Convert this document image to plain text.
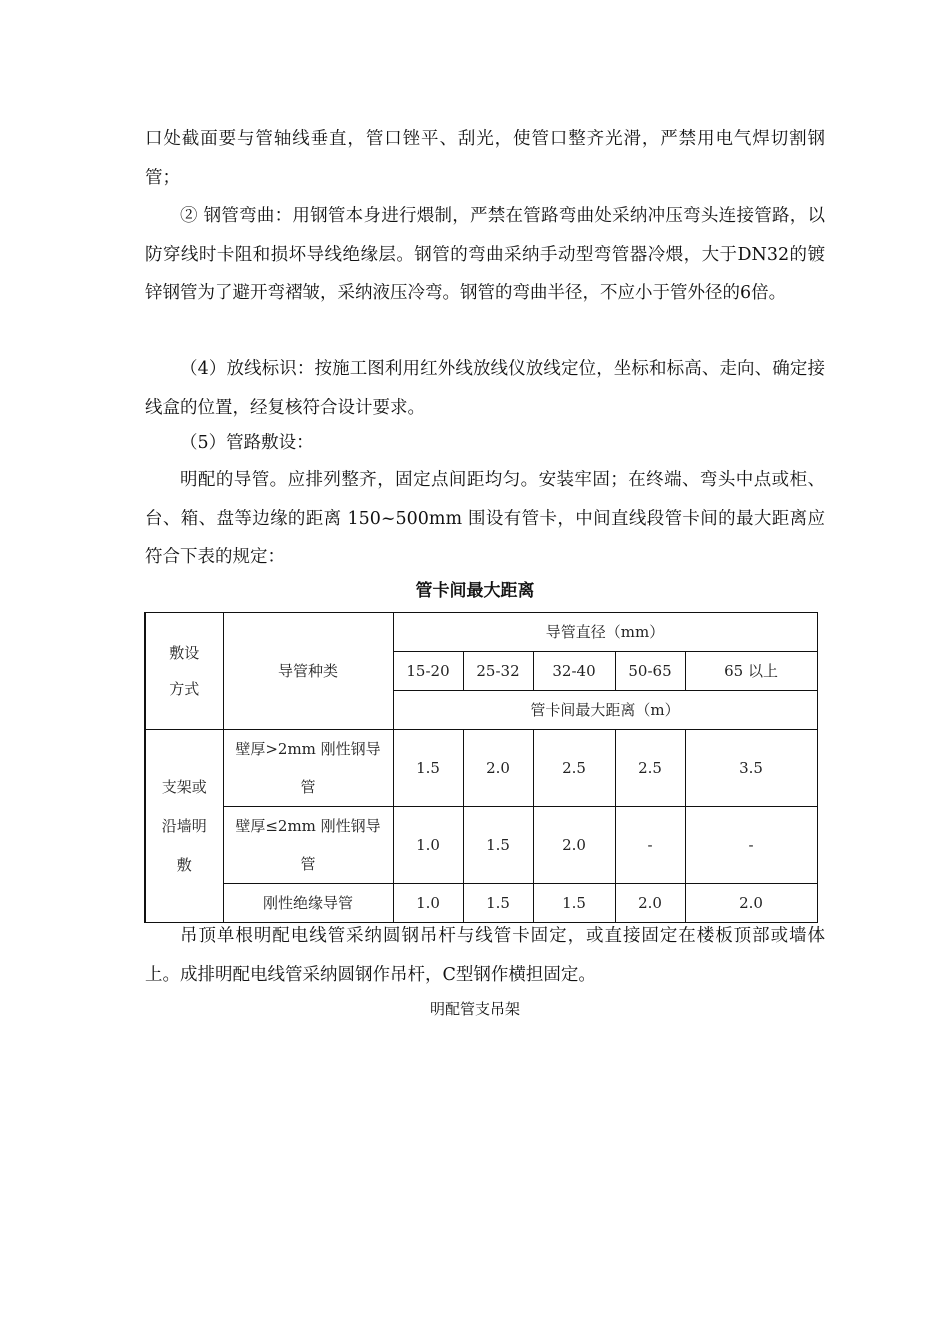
口处截面要与管轴线垂直，管口锉平、刮光，使管口整齐光滑，严禁用电气焊切割钢管；

② 钢管弯曲：用钢管本身进行煨制，严禁在管路弯曲处采纳冲压弯头连接管路，以防穿线时卡阻和损坏导线绝缘层。钢管的弯曲采纳手动型弯管器冷煨，大于DN32的镀锌钢管为了避开弯褶皱，采纳液压冷弯。钢管的弯曲半径，不应小于管外径的6倍。

（4）放线标识：按施工图利用红外线放线仪放线定位，坐标和标高、走向、确定接线盒的位置，经复核符合设计要求。

（5）管路敷设：

明配的导管。应排列整齐，固定点间距均匀。安装牢固；在终端、弯头中点或柜、台、箱、盘等边缘的距离 150~500mm 围设有管卡，中间直线段管卡间的最大距离应符合下表的规定：

管卡间最大距离
敷设方式	导管种类	导管直径（mm）				
		15-20	25-32	32-40	50-65	65 以上
		管卡间最大距离（m）				

支架或沿墙明敷	壁厚>2mm 刚性钢导管	1.5	2.0	2.5	2.5	3.5

	壁厚≤2mm 刚性钢导管	1.0	1.5	2.0	-	-
	刚性绝缘导管	1.0	1.5	1.5	2.0	2.0

吊顶单根明配电线管采纳圆钢吊杆与线管卡固定，或直接固定在楼板顶部或墙体上。成排明配电线管采纳圆钢作吊杆，C型钢作横担固定。

明配管支吊架
